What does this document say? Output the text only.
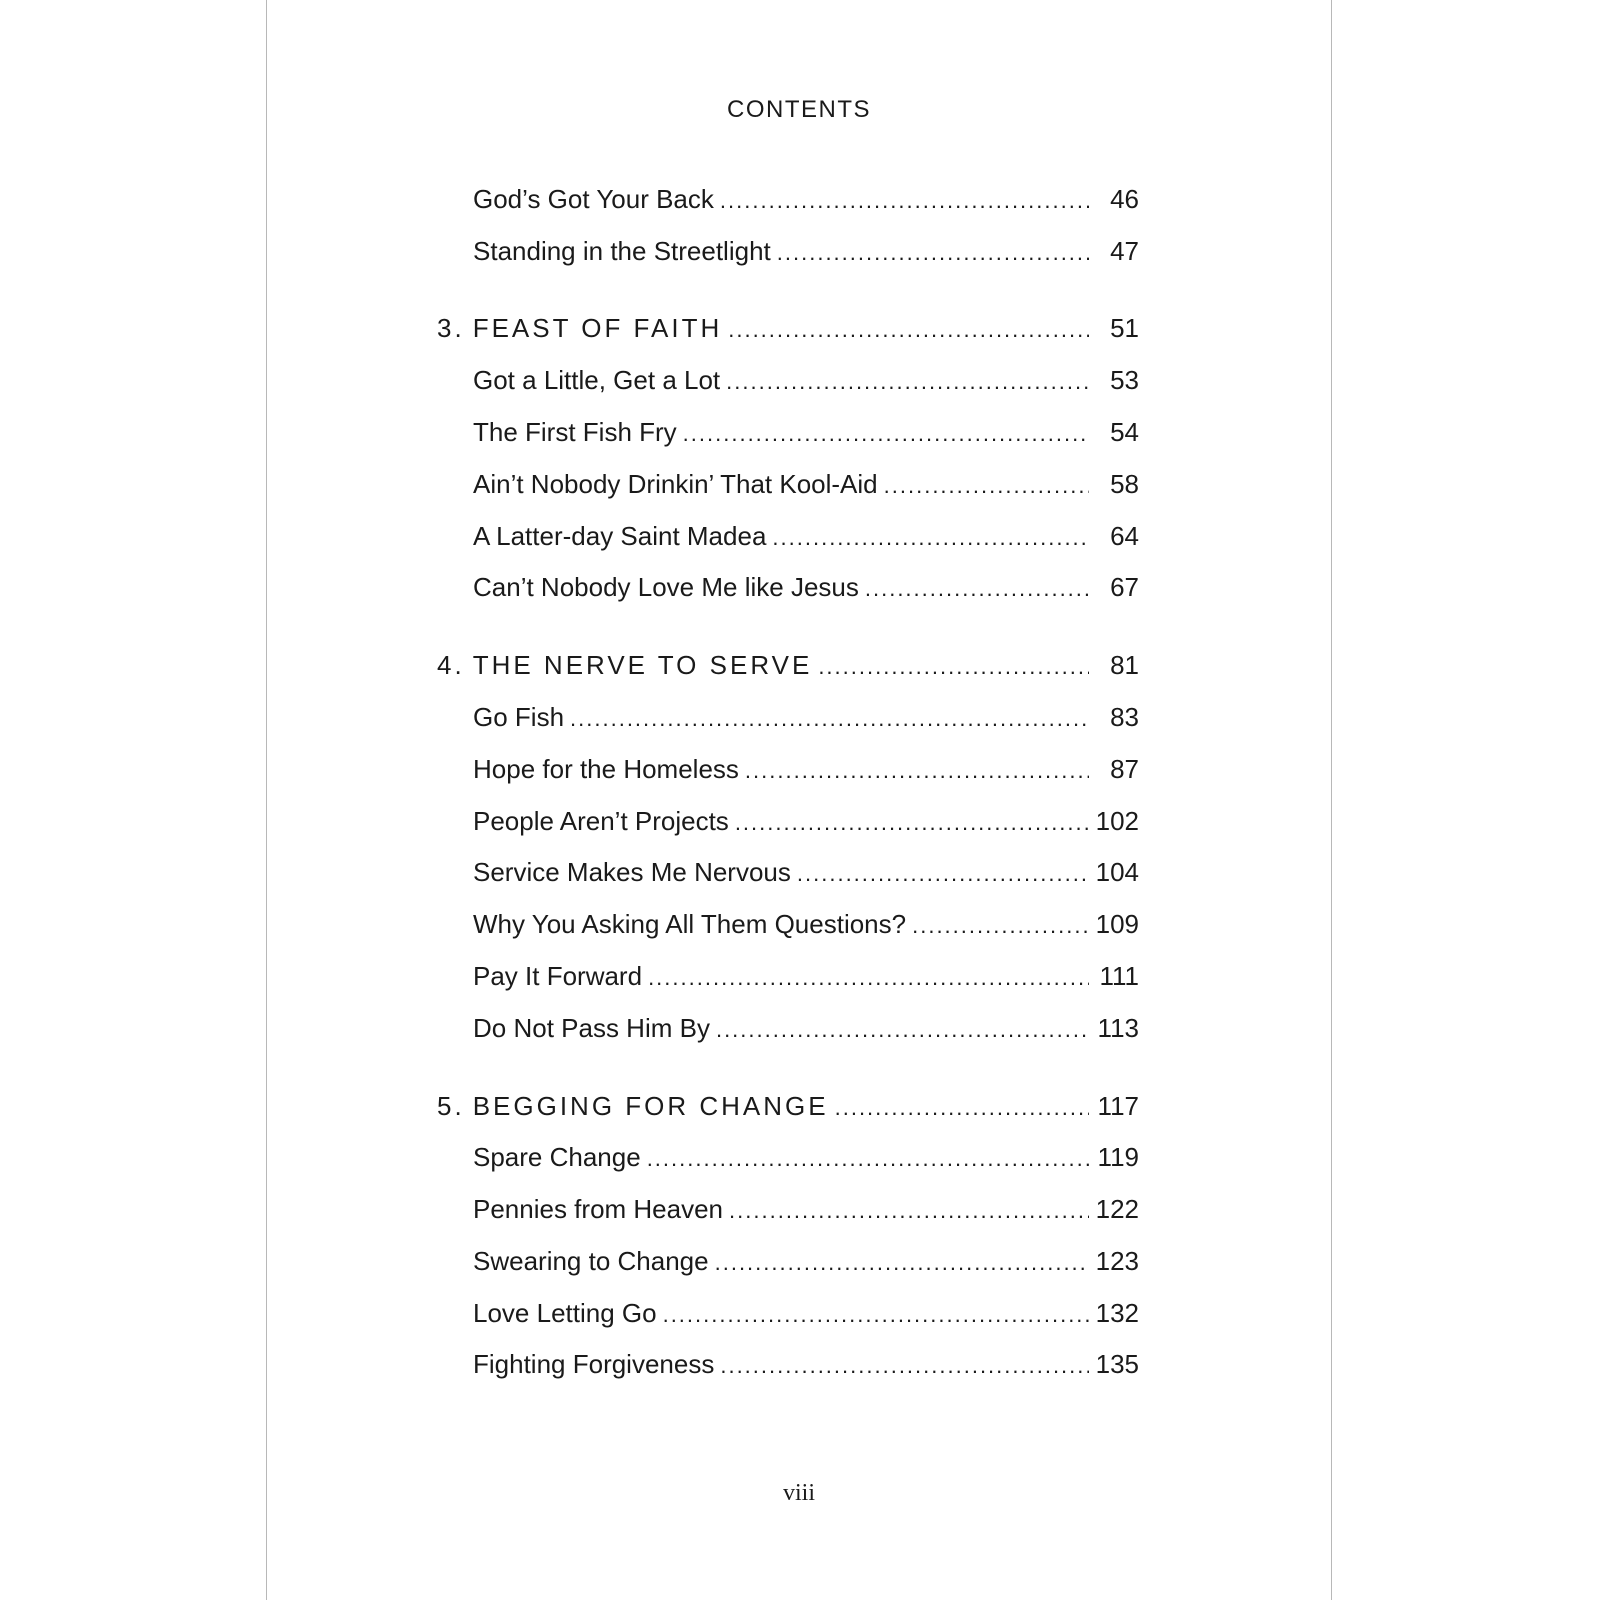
CONTENTS
God’s Got Your Back .....	46
Standing in the Streetlight .....	47
3. FEAST OF FAITH .....	51
Got a Little, Get a Lot .....	53
The First Fish Fry .....	54
Ain’t Nobody Drinkin’ That Kool-Aid .....	58
A Latter-day Saint Madea .....	64
Can’t Nobody Love Me like Jesus .....	67
4. THE NERVE TO SERVE .....	81
Go Fish .....	83
Hope for the Homeless .....	87
People Aren’t Projects .....	102
Service Makes Me Nervous .....	104
Why You Asking All Them Questions? .....	109
Pay It Forward .....	111
Do Not Pass Him By .....	113
5. BEGGING FOR CHANGE .....	117
Spare Change .....	119
Pennies from Heaven .....	122
Swearing to Change .....	123
Love Letting Go .....	132
Fighting Forgiveness .....	135
viii
